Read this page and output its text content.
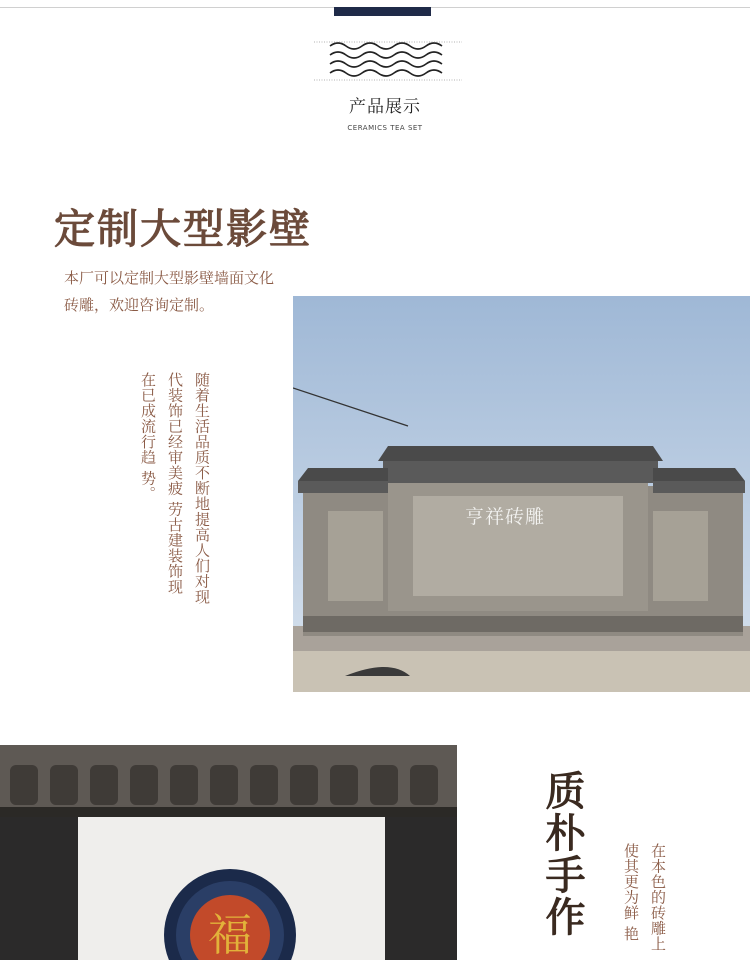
产品展示
CERAMICS TEA SET
定制大型影壁
本厂可以定制大型影壁墙面文化
砖雕，欢迎咨询定制。
随着生活品质不断地提高人们对现
代装饰已经审美疲 劳古建装饰现
在已成流行趋 势。
亨祥砖雕
福	质朴手作	在本色的砖雕上
使其更为鲜 艳
